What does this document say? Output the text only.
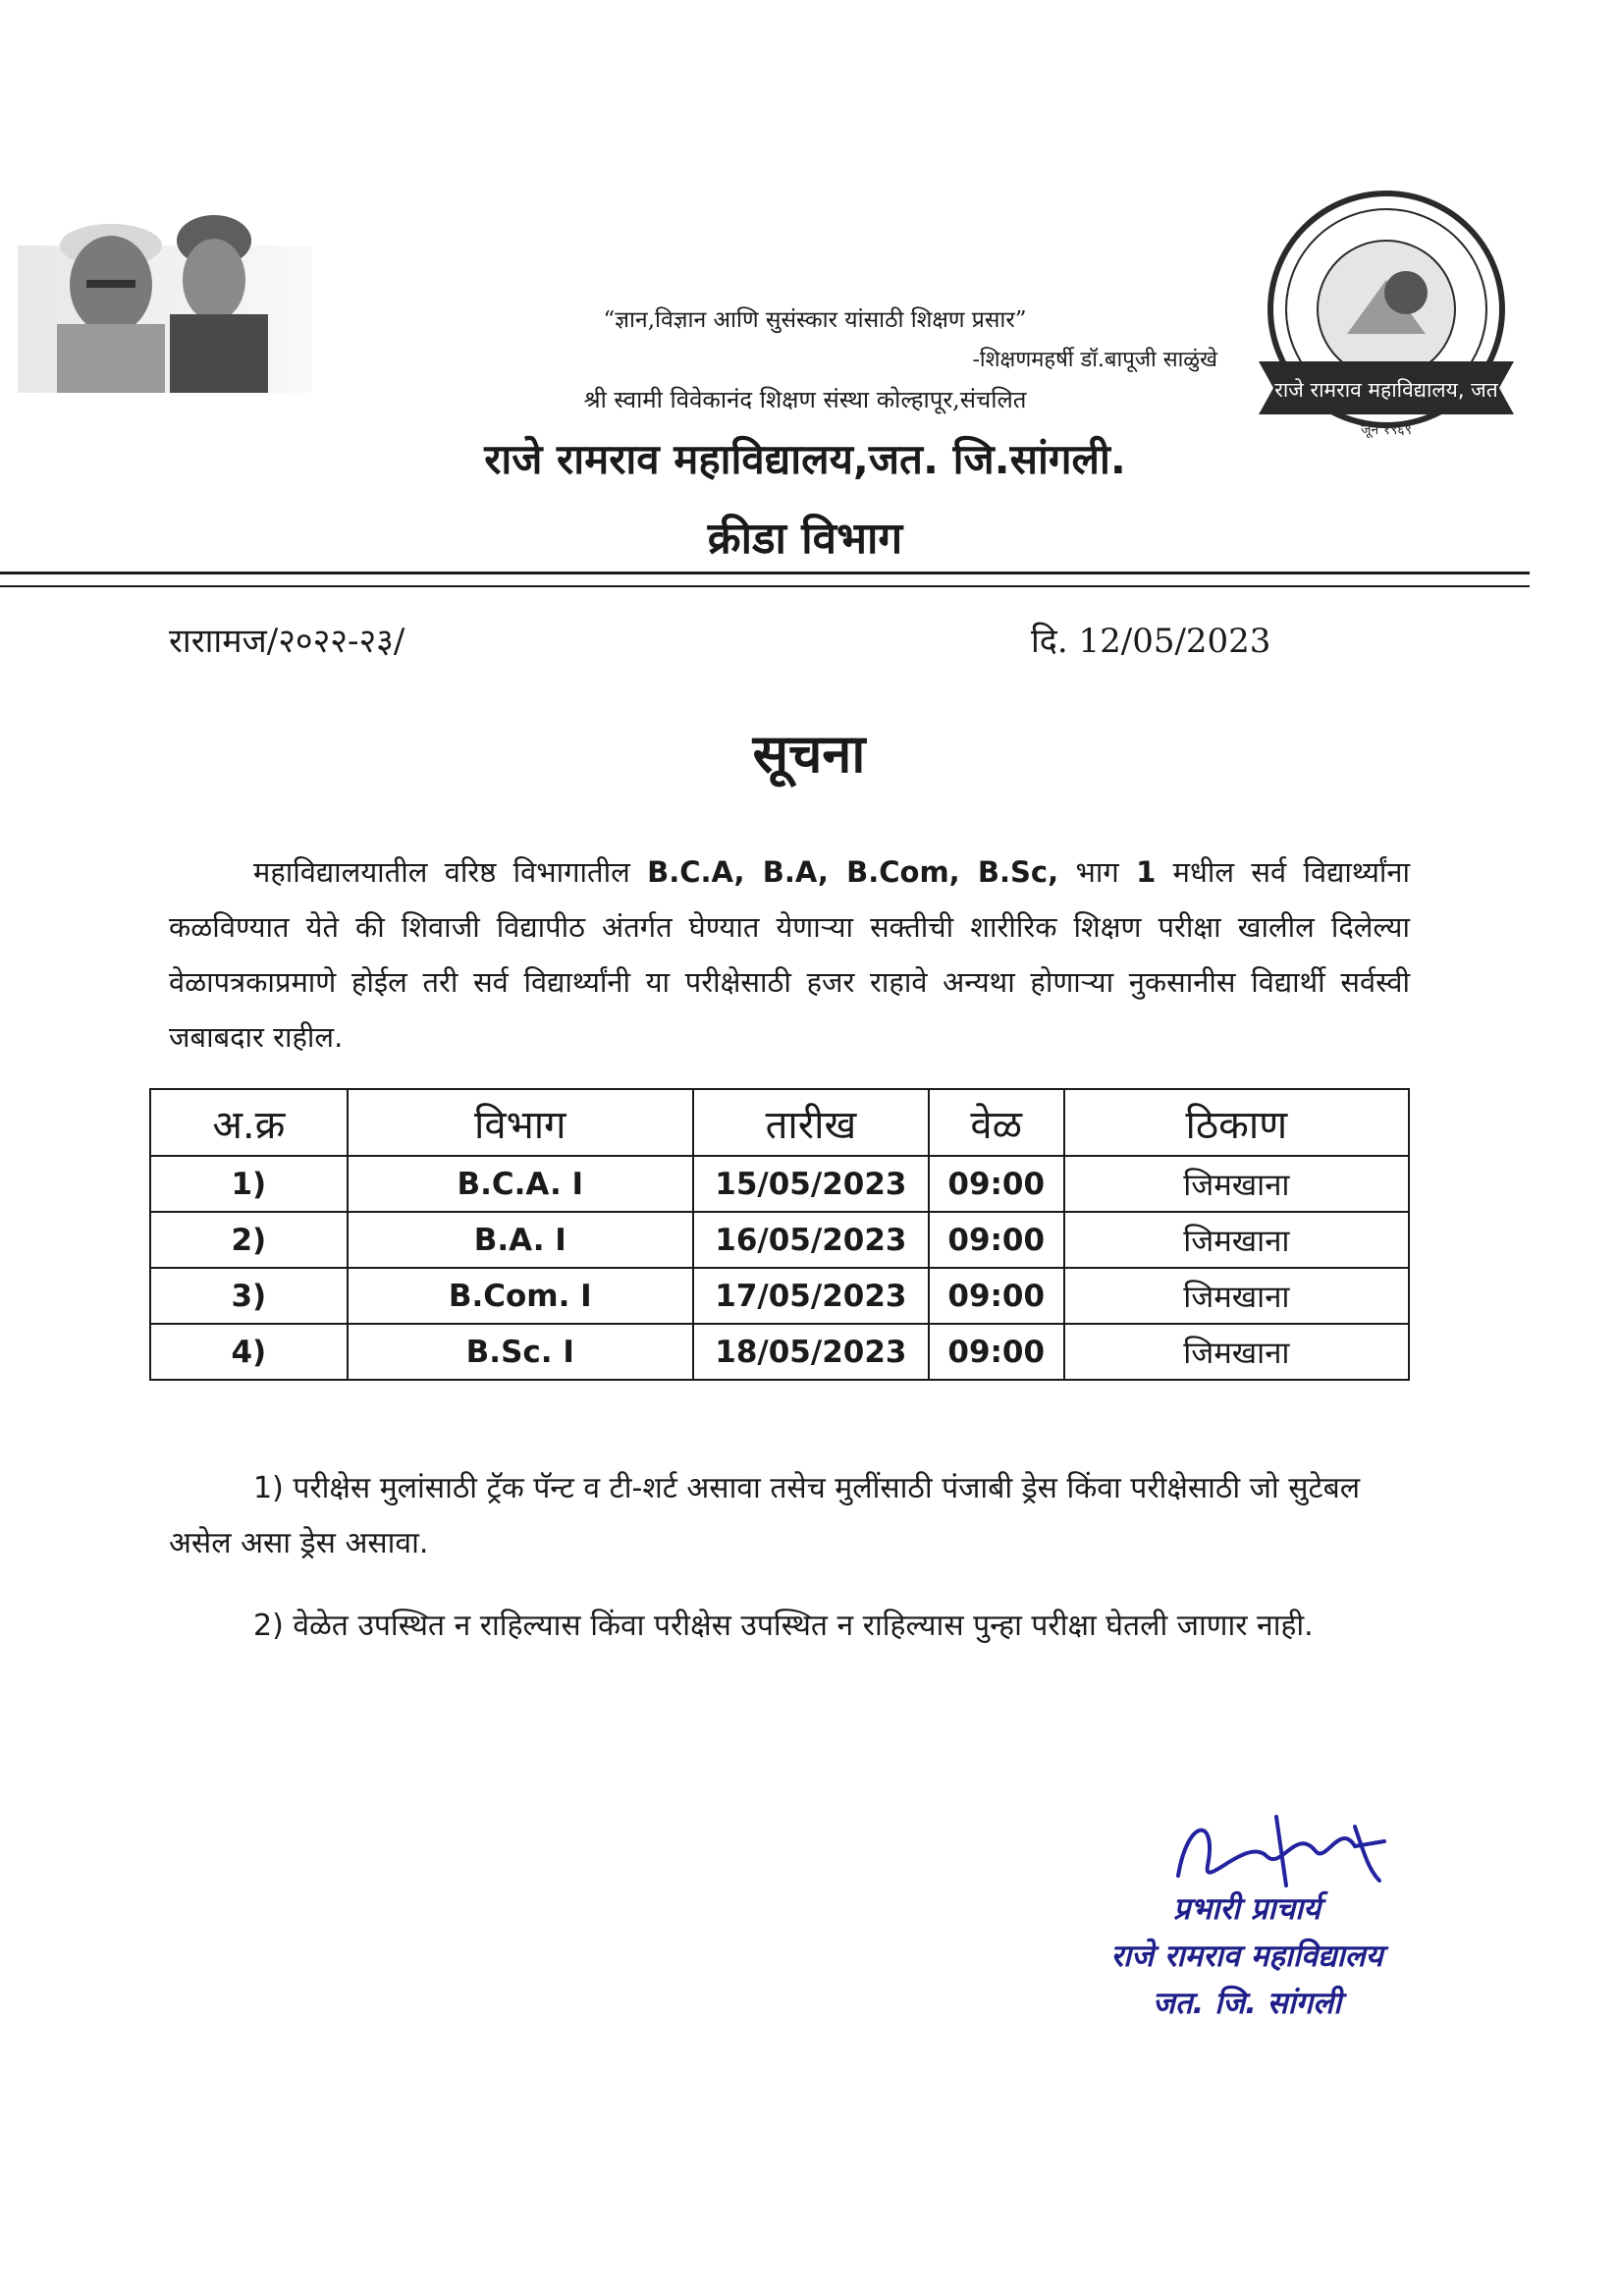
“ज्ञान,विज्ञान आणि सुसंस्कार यांसाठी शिक्षण प्रसार”
-शिक्षणमहर्षी डॉ.बापूजी साळुंखे
श्री स्वामी विवेकानंद शिक्षण संस्था कोल्हापूर,संचलित
राजे रामराव महाविद्यालय,जत. जि.सांगली.
क्रीडा विभाग
राजे रामराव महाविद्यालय, जत
जून १९६९
राराामज/२०२२-२३/	दि. 12/05/2023
सूचना
महाविद्यालयातील वरिष्ठ विभागातील B.C.A, B.A, B.Com, B.Sc, भाग 1 मधील सर्व विद्यार्थ्यांना कळविण्यात येते की शिवाजी विद्यापीठ अंतर्गत घेण्यात येणाऱ्या सक्तीची शारीरिक शिक्षण परीक्षा खालील दिलेल्या वेळापत्रकाप्रमाणे होईल तरी सर्व विद्यार्थ्यांनी या परीक्षेसाठी हजर राहावे अन्यथा होणाऱ्या नुकसानीस विद्यार्थी सर्वस्वी जबाबदार राहील.
अ.क्र	विभाग	तारीख	वेळ	ठिकाण
1)	B.C.A. I	15/05/2023	09:00	जिमखाना
2)	B.A. I	16/05/2023	09:00	जिमखाना
3)	B.Com. I	17/05/2023	09:00	जिमखाना
4)	B.Sc. I	18/05/2023	09:00	जिमखाना
1) परीक्षेस मुलांसाठी ट्रॅक पॅन्ट व टी-शर्ट असावा तसेच मुलींसाठी पंजाबी ड्रेस किंवा परीक्षेसाठी जो सुटेबल असेल असा ड्रेस असावा.
2) वेळेत उपस्थित न राहिल्यास किंवा परीक्षेस उपस्थित न राहिल्यास पुन्हा परीक्षा घेतली जाणार नाही.
प्रभारी प्राचार्य
राजे रामराव महाविद्यालय
जत. जि. सांगली
